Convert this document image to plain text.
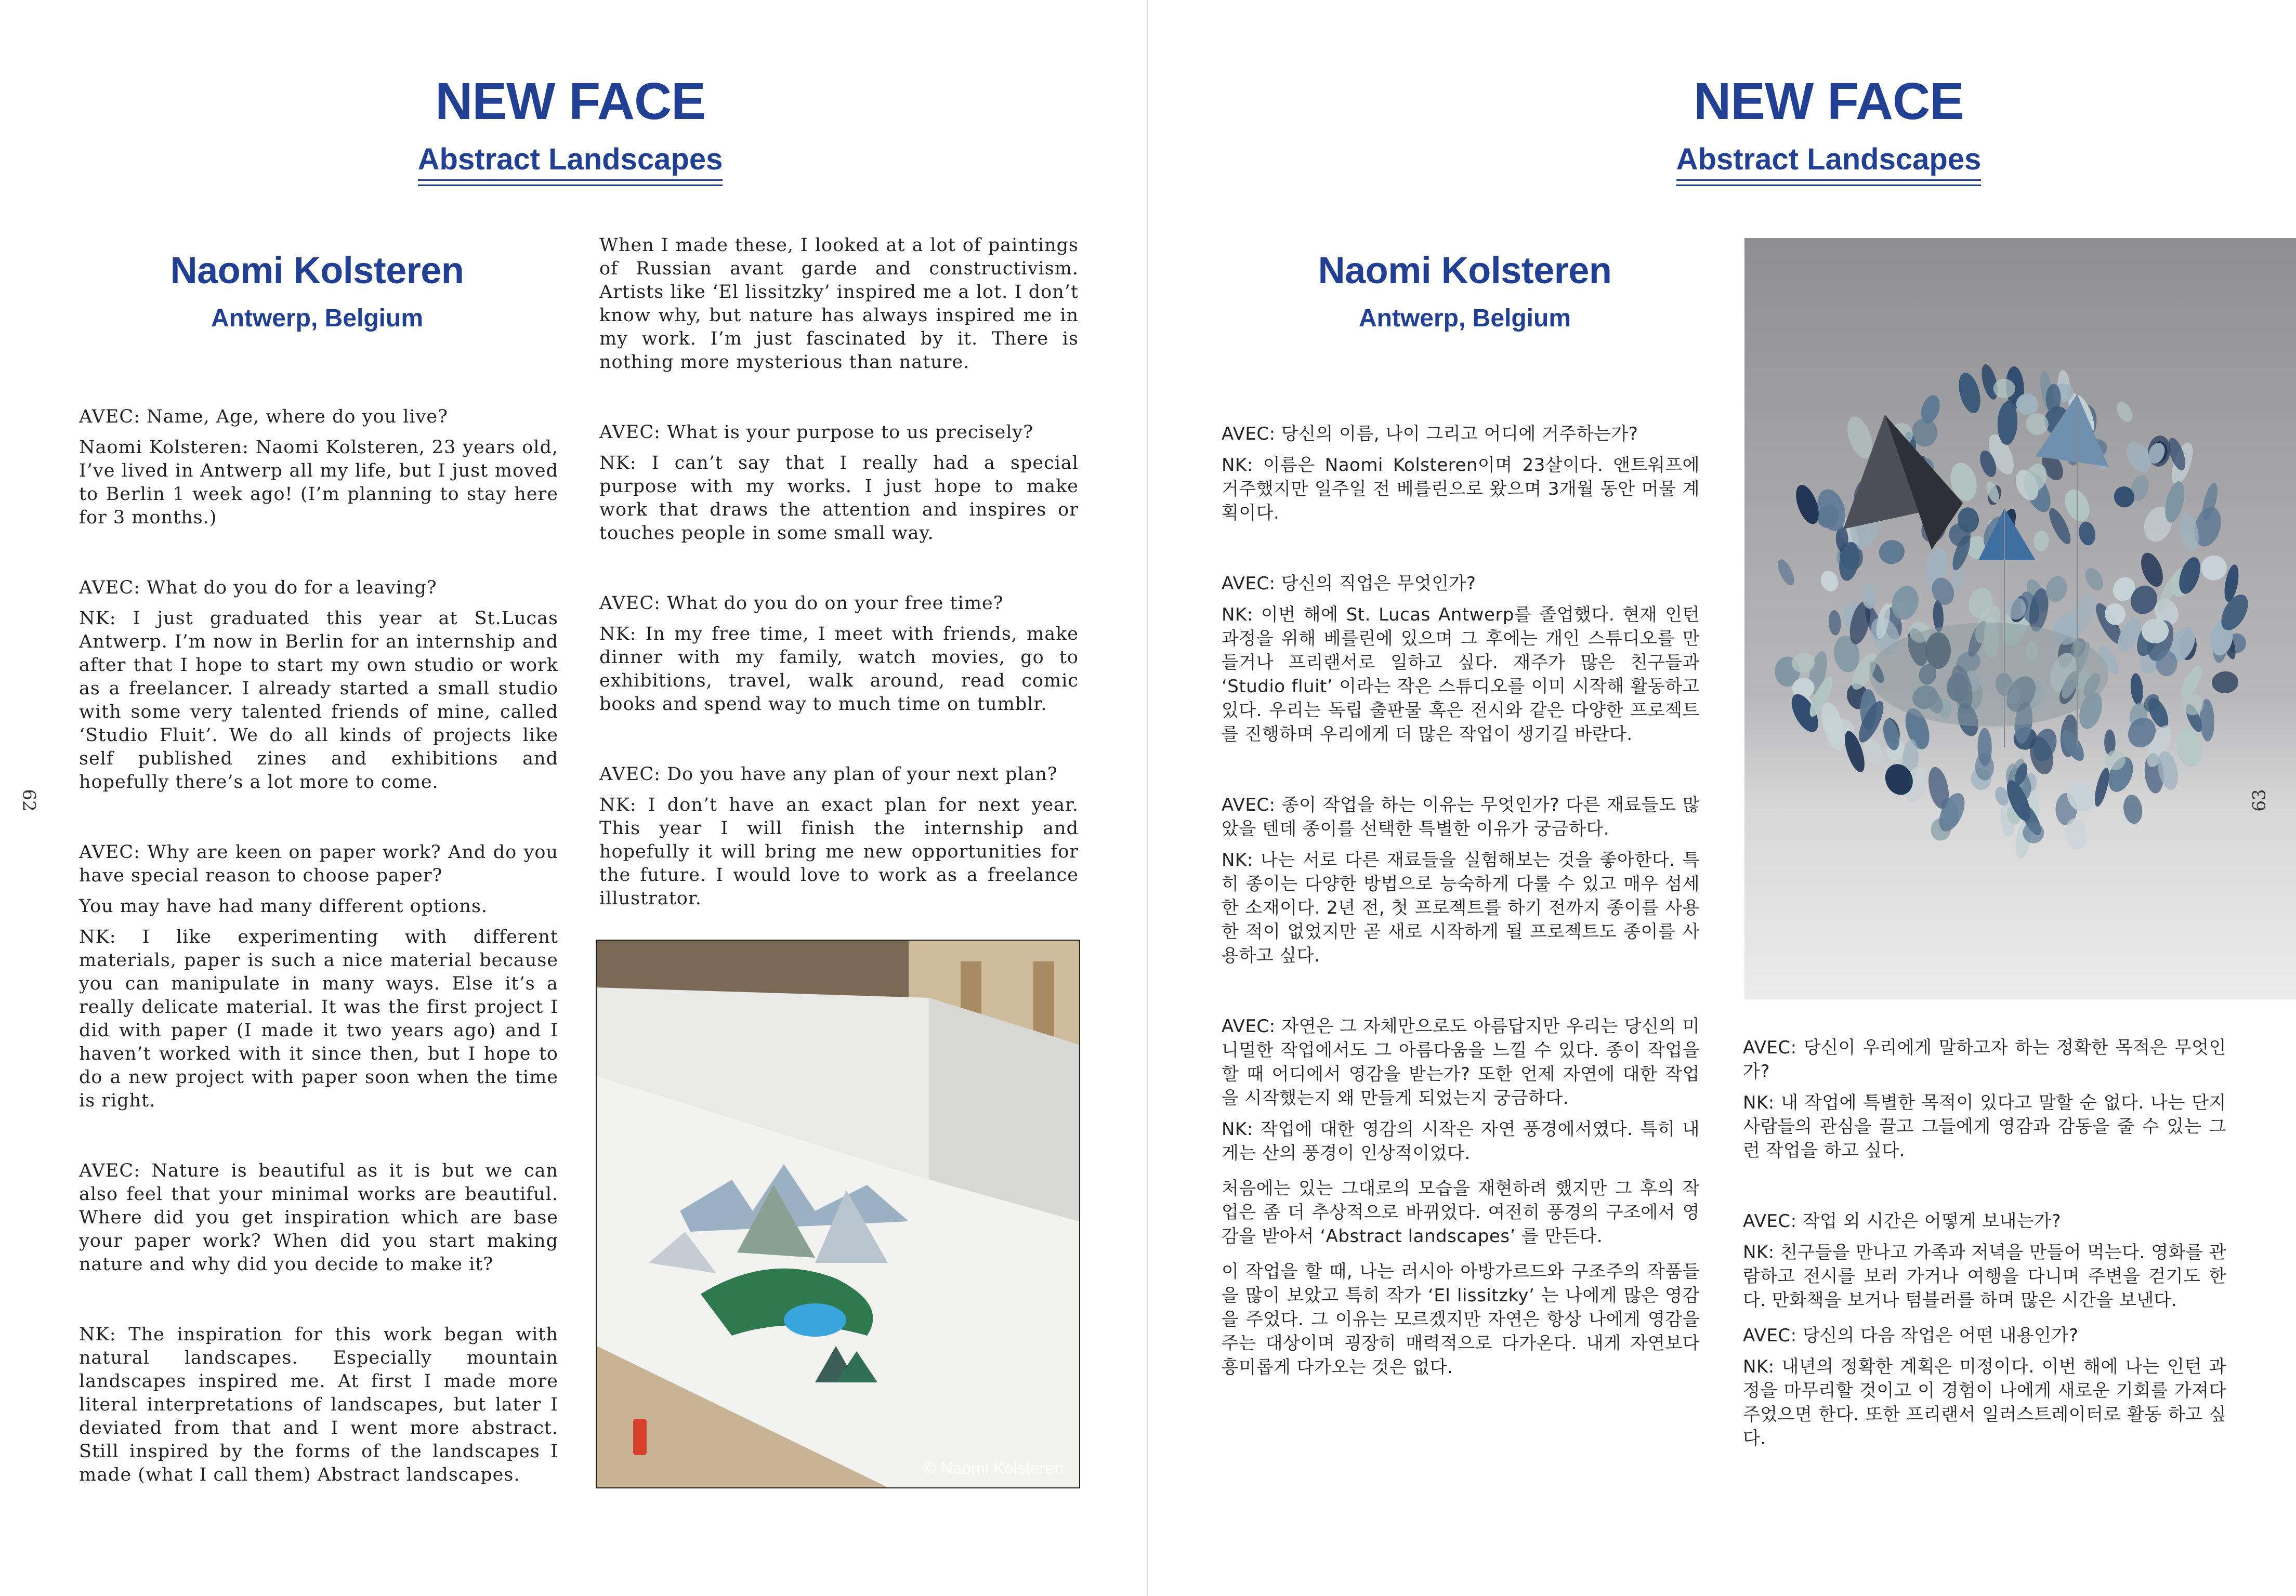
NEW FACE
Abstract Landscapes
Naomi Kolsteren
Antwerp, Belgium

AVEC: Name, Age, where do you live?

Naomi Kolsteren: Naomi Kolsteren, 23 years old, I’ve lived in Antwerp all my life, but I just moved to Berlin 1 week ago! (I’m planning to stay here for 3 months.)

AVEC: What do you do for a leaving?

NK: I just graduated this year at St.Lucas Antwerp. I’m now in Berlin for an internship and after that I hope to start my own studio or work as a freelancer. I already started a small studio with some very talented friends of mine, called ‘Studio Fluit’. We do all kinds of projects like self published zines and exhibitions and hopefully there’s a lot more to come.

AVEC: Why are keen on paper work? And do you have special reason to choose paper?

You may have had many different options.

NK: I like experimenting with different materials, paper is such a nice material because you can manipulate in many ways. Else it’s a really delicate material. It was the first project I did with paper (I made it two years ago) and I haven’t worked with it since then, but I hope to do a new project with paper soon when the time is right.

AVEC: Nature is beautiful as it is but we can also feel that your minimal works are beautiful. Where did you get inspiration which are base your paper work? When did you start making nature and why did you decide to make it?

NK: The inspiration for this work began with natural landscapes. Especially mountain landscapes inspired me. At first I made more literal interpretations of landscapes, but later I deviated from that and I went more abstract. Still inspired by the forms of the landscapes I made (what I call them) Abstract landscapes.

When I made these, I looked at a lot of paintings of Russian avant garde and constructivism. Artists like ‘El lissitzky’ inspired me a lot. I don’t know why, but nature has always inspired me in my work. I’m just fascinated by it. There is nothing more mysterious than nature.

AVEC: What is your purpose to us precisely?

NK: I can’t say that I really had a special purpose with my works. I just hope to make work that draws the attention and inspires or touches people in some small way.

AVEC: What do you do on your free time?

NK: In my free time, I meet with friends, make dinner with my family, watch movies, go to exhibitions, travel, walk around, read comic books and spend way to much time on tumblr.

AVEC: Do you have any plan of your next plan?

NK: I don’t have an exact plan for next year. This year I will finish the internship and hopefully it will bring me new opportunities for the future. I would love to work as a freelance illustrator.

© Naomi Kolsteren
62
NEW FACE
Abstract Landscapes
Naomi Kolsteren
Antwerp, Belgium

AVEC: 당신의 이름, 나이 그리고 어디에 거주하는가?

NK: 이름은 Naomi Kolsteren이며 23살이다. 앤트워프에 거주했지만 일주일 전 베를린으로 왔으며 3개월 동안 머물 계획이다.

AVEC: 당신의 직업은 무엇인가?

NK: 이번 해에 St. Lucas Antwerp를 졸업했다. 현재 인턴 과정을 위해 베를린에 있으며 그 후에는 개인 스튜디오를 만들거나 프리랜서로 일하고 싶다. 재주가 많은 친구들과 ‘Studio fluit’ 이라는 작은 스튜디오를 이미 시작해 활동하고 있다. 우리는 독립 출판물 혹은 전시와 같은 다양한 프로젝트를 진행하며 우리에게 더 많은 작업이 생기길 바란다.

AVEC: 종이 작업을 하는 이유는 무엇인가? 다른 재료들도 많았을 텐데 종이를 선택한 특별한 이유가 궁금하다.

NK: 나는 서로 다른 재료들을 실험해보는 것을 좋아한다. 특히 종이는 다양한 방법으로 능숙하게 다룰 수 있고 매우 섬세한 소재이다. 2년 전, 첫 프로젝트를 하기 전까지 종이를 사용한 적이 없었지만 곧 새로 시작하게 될 프로젝트도 종이를 사용하고 싶다.

AVEC: 자연은 그 자체만으로도 아름답지만 우리는 당신의 미니멀한 작업에서도 그 아름다움을 느낄 수 있다. 종이 작업을 할 때 어디에서 영감을 받는가? 또한 언제 자연에 대한 작업을 시작했는지 왜 만들게 되었는지 궁금하다.

NK: 작업에 대한 영감의 시작은 자연 풍경에서였다. 특히 내게는 산의 풍경이 인상적이었다.

처음에는 있는 그대로의 모습을 재현하려 했지만 그 후의 작업은 좀 더 추상적으로 바뀌었다. 여전히 풍경의 구조에서 영감을 받아서 ‘Abstract landscapes’ 를 만든다.

이 작업을 할 때, 나는 러시아 아방가르드와 구조주의 작품들을 많이 보았고 특히 작가 ‘El lissitzky’ 는 나에게 많은 영감을 주었다. 그 이유는 모르겠지만 자연은 항상 나에게 영감을 주는 대상이며 굉장히 매력적으로 다가온다. 내게 자연보다 흥미롭게 다가오는 것은 없다.

AVEC: 당신이 우리에게 말하고자 하는 정확한 목적은 무엇인가?

NK: 내 작업에 특별한 목적이 있다고 말할 순 없다. 나는 단지 사람들의 관심을 끌고 그들에게 영감과 감동을 줄 수 있는 그런 작업을 하고 싶다.

AVEC: 작업 외 시간은 어떻게 보내는가?

NK: 친구들을 만나고 가족과 저녁을 만들어 먹는다. 영화를 관람하고 전시를 보러 가거나 여행을 다니며 주변을 걷기도 한다. 만화책을 보거나 텀블러를 하며 많은 시간을 보낸다.

AVEC: 당신의 다음 작업은 어떤 내용인가?

NK: 내년의 정확한 계획은 미정이다. 이번 해에 나는 인턴 과정을 마무리할 것이고 이 경험이 나에게 새로운 기회를 가져다 주었으면 한다. 또한 프리랜서 일러스트레이터로 활동 하고 싶다.

63
